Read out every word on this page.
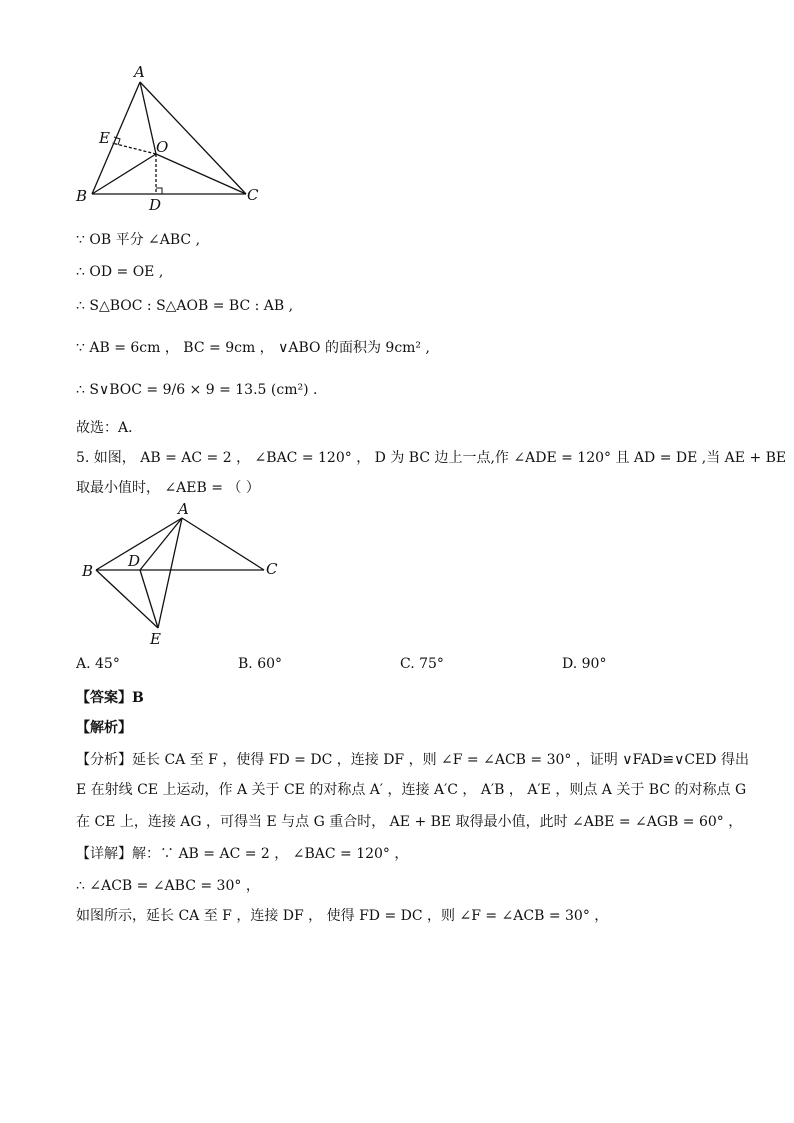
A
B	C
D
E	O
∵ OB 平分 ∠ABC ,
∴ OD = OE ,
∴ S△BOC : S△AOB = BC : AB ,
∵ AB = 6cm ， BC = 9cm ， ∨ABO 的面积为 9cm² ,
∴ S∨BOC = 9/6 × 9 = 13.5 (cm²) .
故选：A．
5. 如图， AB = AC = 2 ， ∠BAC = 120° ， D 为 BC 边上一点,作 ∠ADE = 120° 且 AD = DE ,当 AE + BE
取最小值时， ∠AEB = （ ）
A
B	C
D
E
A. 45°	B. 60°	C. 75°	D. 90°
【答案】B
【解析】
【分析】延长 CA 至 F ，使得 FD = DC ，连接 DF ，则 ∠F = ∠ACB = 30° ，证明 ∨FAD≌∨CED 得出
E 在射线 CE 上运动，作 A 关于 CE 的对称点 A′ ，连接 A′C ， A′B ， A′E ，则点 A 关于 BC 的对称点 G
在 CE 上，连接 AG ，可得当 E 与点 G 重合时， AE + BE 取得最小值，此时 ∠ABE = ∠AGB = 60° ，
【详解】解：∵ AB = AC = 2 ， ∠BAC = 120° ，
∴ ∠ACB = ∠ABC = 30° ，
如图所示，延长 CA 至 F ，连接 DF ， 使得 FD = DC ，则 ∠F = ∠ACB = 30° ，
